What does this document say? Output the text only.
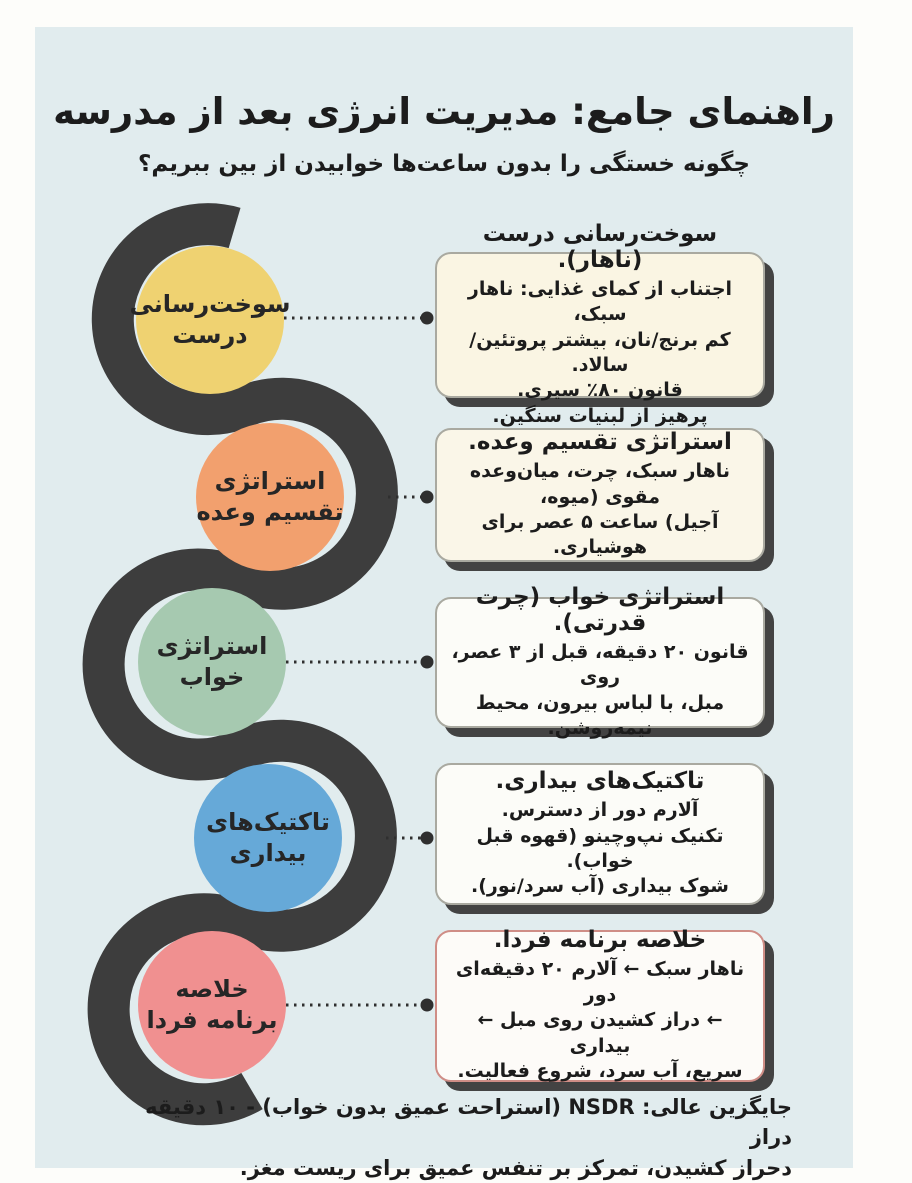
راهنمای جامع: مدیریت انرژی بعد از مدرسه
چگونه خستگی را بدون ساعت‌ها خوابیدن از بین ببریم؟
سوخت‌رسانی
درست
استراتژی
تقسیم وعده
استراتژی
خواب
تاکتیک‌های
بیداری
خلاصه
برنامه فردا
سوخت‌رسانی درست (ناهار).
اجتناب از کمای غذایی: ناهار سبک،
کم برنج/نان، بیشتر پروتئین/سالاد.
قانون ۸۰٪ سیری.
پرهیز از لبنیات سنگین.
استراتژی تقسیم وعده.
ناهار سبک، چرت، میان‌وعده مقوی (میوه،
آجیل) ساعت ۵ عصر برای هوشیاری.
استراتژی خواب (چرت قدرتی).
قانون ۲۰ دقیقه، قبل از ۳ عصر، روی
مبل، با لباس بیرون، محیط نیمه‌روشن.
تاکتیک‌های بیداری.
آلارم دور از دسترس.
تکنیک نپ‌وچینو (قهوه قبل خواب).
شوک بیداری (آب سرد/نور).
خلاصه برنامه فردا.
ناهار سبک ← آلارم ۲۰ دقیقه‌ای دور
← دراز کشیدن روی مبل ← بیداری
سریع، آب سرد، شروع فعالیت.
جایگزین عالی: NSDR (استراحت عمیق بدون خواب) - ۱۰ دقیقه دراز
دحراز کشیدن، تمرکز بر تنفس عمیق برای ریست مغز.
